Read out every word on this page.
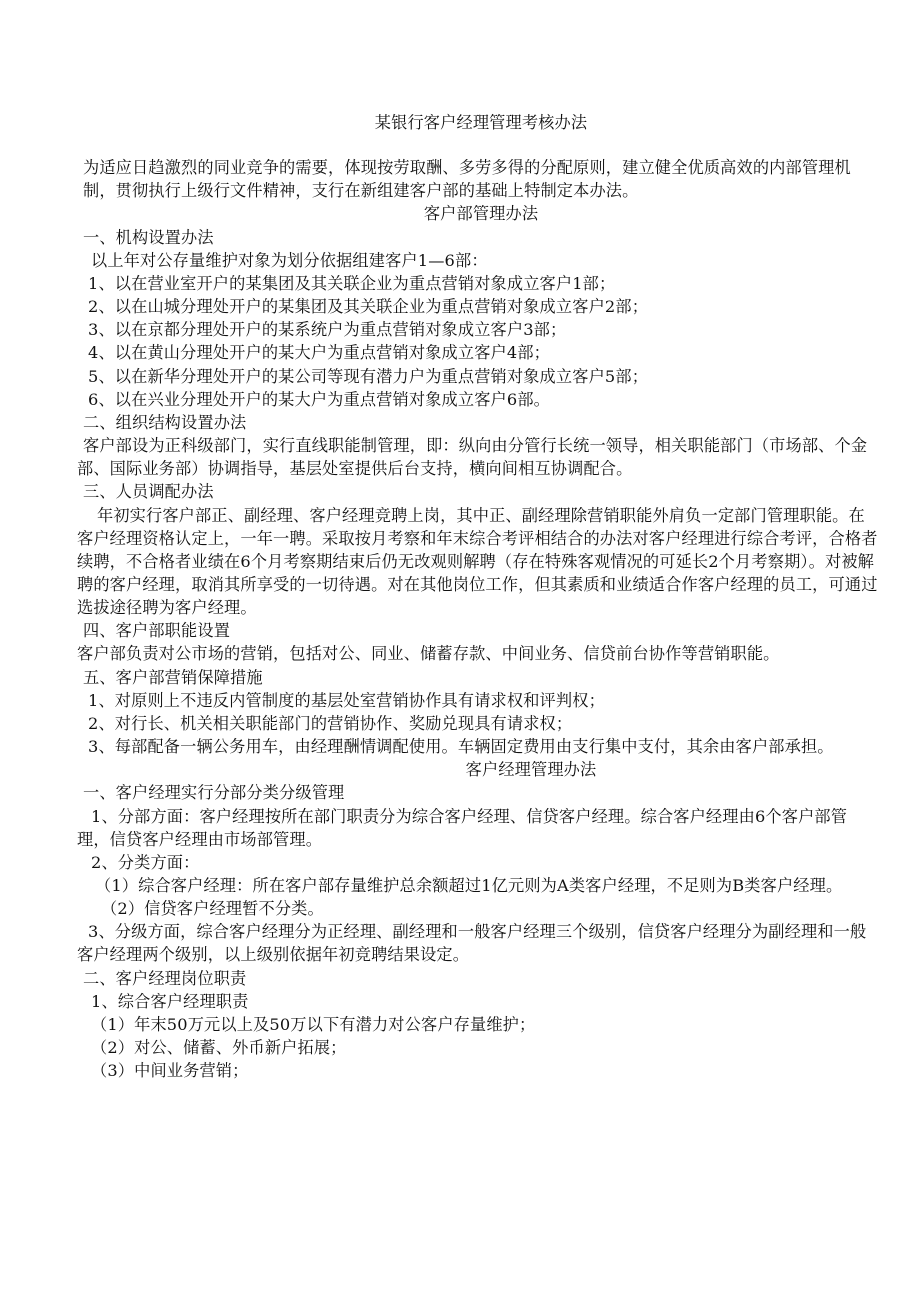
某银行客户经理管理考核办法

为适应日趋激烈的同业竞争的需要，体现按劳取酬、多劳多得的分配原则，建立健全优质高效的内部管理机制，贯彻执行上级行文件精神，支行在新组建客户部的基础上特制定本办法。

客户部管理办法

一、机构设置办法

以上年对公存量维护对象为划分依据组建客户1—6部：

1、以在营业室开户的某集团及其关联企业为重点营销对象成立客户1部；

2、以在山城分理处开户的某集团及其关联企业为重点营销对象成立客户2部；

3、以在京都分理处开户的某系统户为重点营销对象成立客户3部；

4、以在黄山分理处开户的某大户为重点营销对象成立客户4部；

5、以在新华分理处开户的某公司等现有潜力户为重点营销对象成立客户5部；

6、以在兴业分理处开户的某大户为重点营销对象成立客户6部。

二、组织结构设置办法

客户部设为正科级部门，实行直线职能制管理，即：纵向由分管行长统一领导，相关职能部门（市场部、个金部、国际业务部）协调指导，基层处室提供后台支持，横向间相互协调配合。

三、人员调配办法

年初实行客户部正、副经理、客户经理竞聘上岗，其中正、副经理除营销职能外肩负一定部门管理职能。在客户经理资格认定上，一年一聘。采取按月考察和年末综合考评相结合的办法对客户经理进行综合考评，合格者续聘，不合格者业绩在6个月考察期结束后仍无改观则解聘（存在特殊客观情况的可延长2个月考察期）。对被解聘的客户经理，取消其所享受的一切待遇。对在其他岗位工作，但其素质和业绩适合作客户经理的员工，可通过选拔途径聘为客户经理。

四、客户部职能设置

客户部负责对公市场的营销，包括对公、同业、储蓄存款、中间业务、信贷前台协作等营销职能。

五、客户部营销保障措施

1、对原则上不违反内管制度的基层处室营销协作具有请求权和评判权；

2、对行长、机关相关职能部门的营销协作、奖励兑现具有请求权；

3、每部配备一辆公务用车，由经理酬情调配使用。车辆固定费用由支行集中支付，其余由客户部承担。

客户经理管理办法

一、客户经理实行分部分类分级管理

1、分部方面：客户经理按所在部门职责分为综合客户经理、信贷客户经理。综合客户经理由6个客户部管理，信贷客户经理由市场部管理。

2、分类方面：

（1）综合客户经理：所在客户部存量维护总余额超过1亿元则为A类客户经理，不足则为B类客户经理。

（2）信贷客户经理暂不分类。

3、分级方面，综合客户经理分为正经理、副经理和一般客户经理三个级别，信贷客户经理分为副经理和一般客户经理两个级别，以上级别依据年初竞聘结果设定。

二、客户经理岗位职责

1、综合客户经理职责

（1）年末50万元以上及50万以下有潜力对公客户存量维护；

（2）对公、储蓄、外币新户拓展；

（3）中间业务营销；
